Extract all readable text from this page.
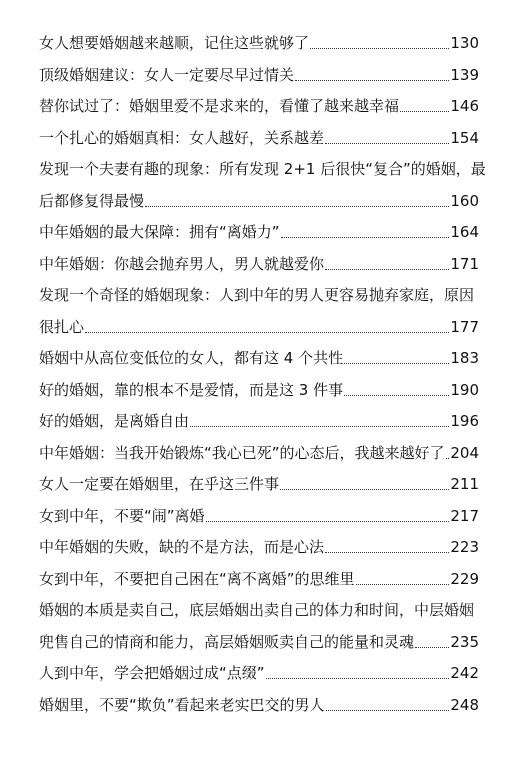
女人想要婚姻越来越顺，记住这些就够了	130
顶级婚姻建议：女人一定要尽早过情关	139
替你试过了：婚姻里爱不是求来的，看懂了越来越幸福	146
一个扎心的婚姻真相：女人越好，关系越差	154
发现一个夫妻有趣的现象：所有发现 2+1 后很快“复合”的婚姻，最
后都修复得最慢	160
中年婚姻的最大保障：拥有“离婚力”	164
中年婚姻：你越会抛弃男人，男人就越爱你	171
发现一个奇怪的婚姻现象：人到中年的男人更容易抛弃家庭，原因
很扎心	177
婚姻中从高位变低位的女人，都有这 4 个共性	183
好的婚姻，靠的根本不是爱情，而是这 3 件事	190
好的婚姻，是离婚自由	196
中年婚姻：当我开始锻炼“我心已死”的心态后，我越来越好了 204
女人一定要在婚姻里，在乎这三件事	211
女到中年，不要“闹”离婚	217
中年婚姻的失败，缺的不是方法，而是心法	223
女到中年，不要把自己困在“离不离婚”的思维里	229
婚姻的本质是卖自己，底层婚姻出卖自己的体力和时间，中层婚姻
兜售自己的情商和能力，高层婚姻贩卖自己的能量和灵魂 235
人到中年，学会把婚姻过成“点缀”	242
婚姻里，不要“欺负”看起来老实巴交的男人	248
